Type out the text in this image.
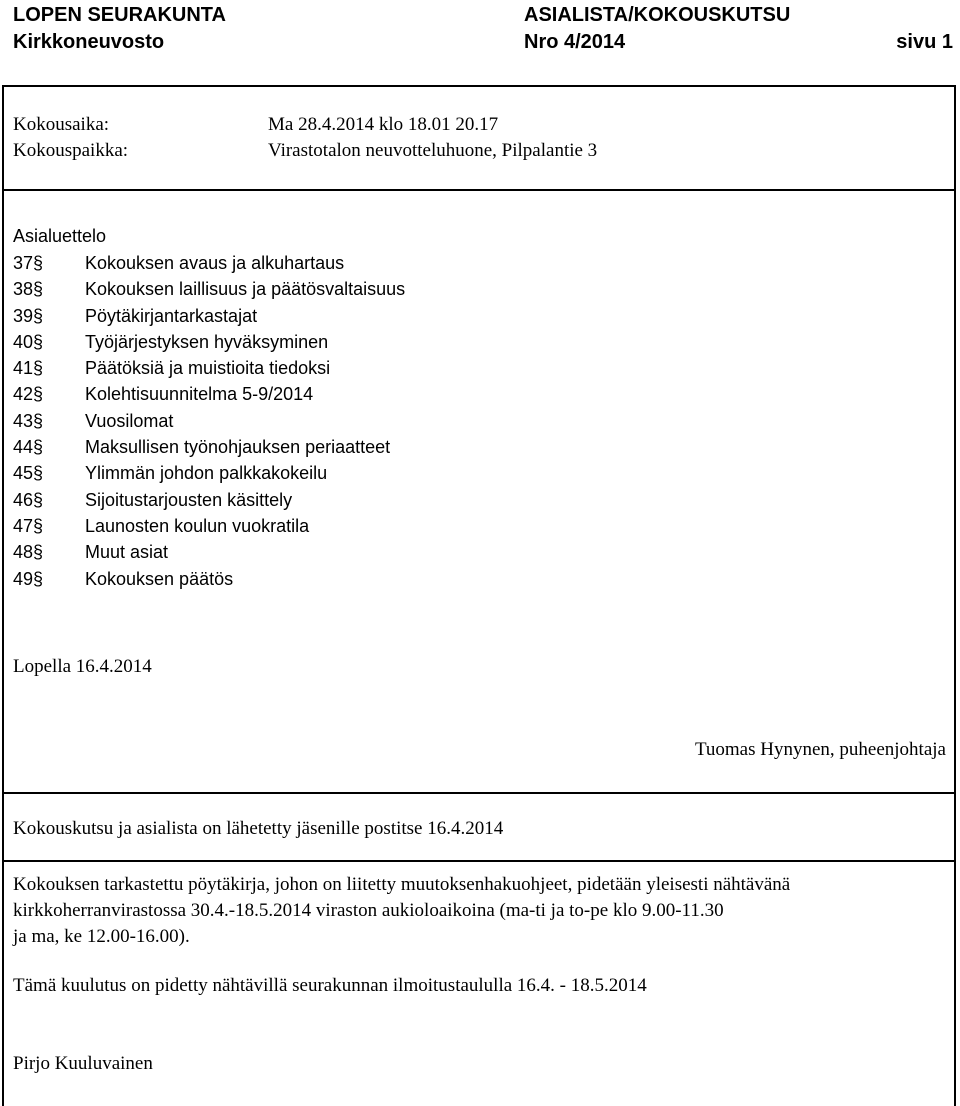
LOPEN SEURAKUNTA	ASIALISTA/KOKOUSKUTSU
Kirkkoneuvosto	Nro 4/2014	sivu 1
Kokousaika:	Ma 28.4.2014 klo 18.01 20.17
Kokouspaikka:	Virastotalon neuvotteluhuone, Pilpalantie 3
Asialuettelo
37§ Kokouksen avaus ja alkuhartaus
38§ Kokouksen laillisuus ja päätösvaltaisuus
39§ Pöytäkirjantarkastajat
40§ Työjärjestyksen hyväksyminen
41§ Päätöksiä ja muistioita tiedoksi
42§ Kolehtisuunnitelma 5-9/2014
43§ Vuosilomat
44§ Maksullisen työnohjauksen periaatteet
45§ Ylimmän johdon palkkakokeilu
46§ Sijoitustarjousten käsittely
47§ Launosten koulun vuokratila
48§ Muut asiat
49§ Kokouksen päätös
Lopella 16.4.2014
Tuomas Hynynen, puheenjohtaja
Kokouskutsu ja asialista on lähetetty jäsenille postitse 16.4.2014
Kokouksen tarkastettu pöytäkirja, johon on liitetty muutoksenhakuohjeet, pidetään yleisesti nähtävänä
kirkkoherranvirastossa 30.4.-18.5.2014 viraston aukioloaikoina (ma-ti ja to-pe klo 9.00-11.30
ja ma, ke 12.00-16.00).
Tämä kuulutus on pidetty nähtävillä seurakunnan ilmoitustaululla 16.4. - 18.5.2014
Pirjo Kuuluvainen
